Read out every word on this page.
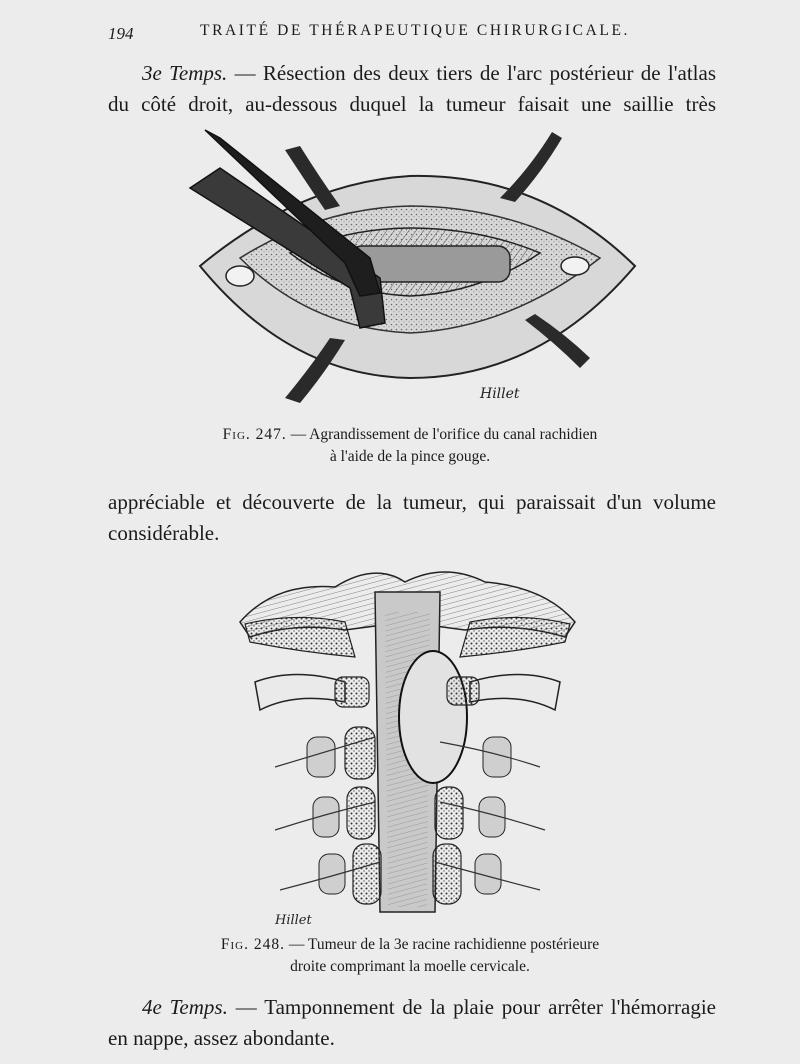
194	TRAITÉ DE THÉRAPEUTIQUE CHIRURGICALE.

3e Temps. — Résection des deux tiers de l'arc postérieur de l'atlas
du côté droit, au-dessous duquel la tumeur faisait une saillie très

Hillet
Fig. 247. — Agrandissement de l'orifice du canal rachidien
à l'aide de la pince gouge.

appréciable et découverte de la tumeur, qui paraissait d'un volume
considérable.

Hillet
Fig. 248. — Tumeur de la 3e racine rachidienne postérieure
droite comprimant la moelle cervicale.

4e Temps. — Tamponnement de la plaie pour arrêter l'hémorragie
en nappe, assez abondante.
